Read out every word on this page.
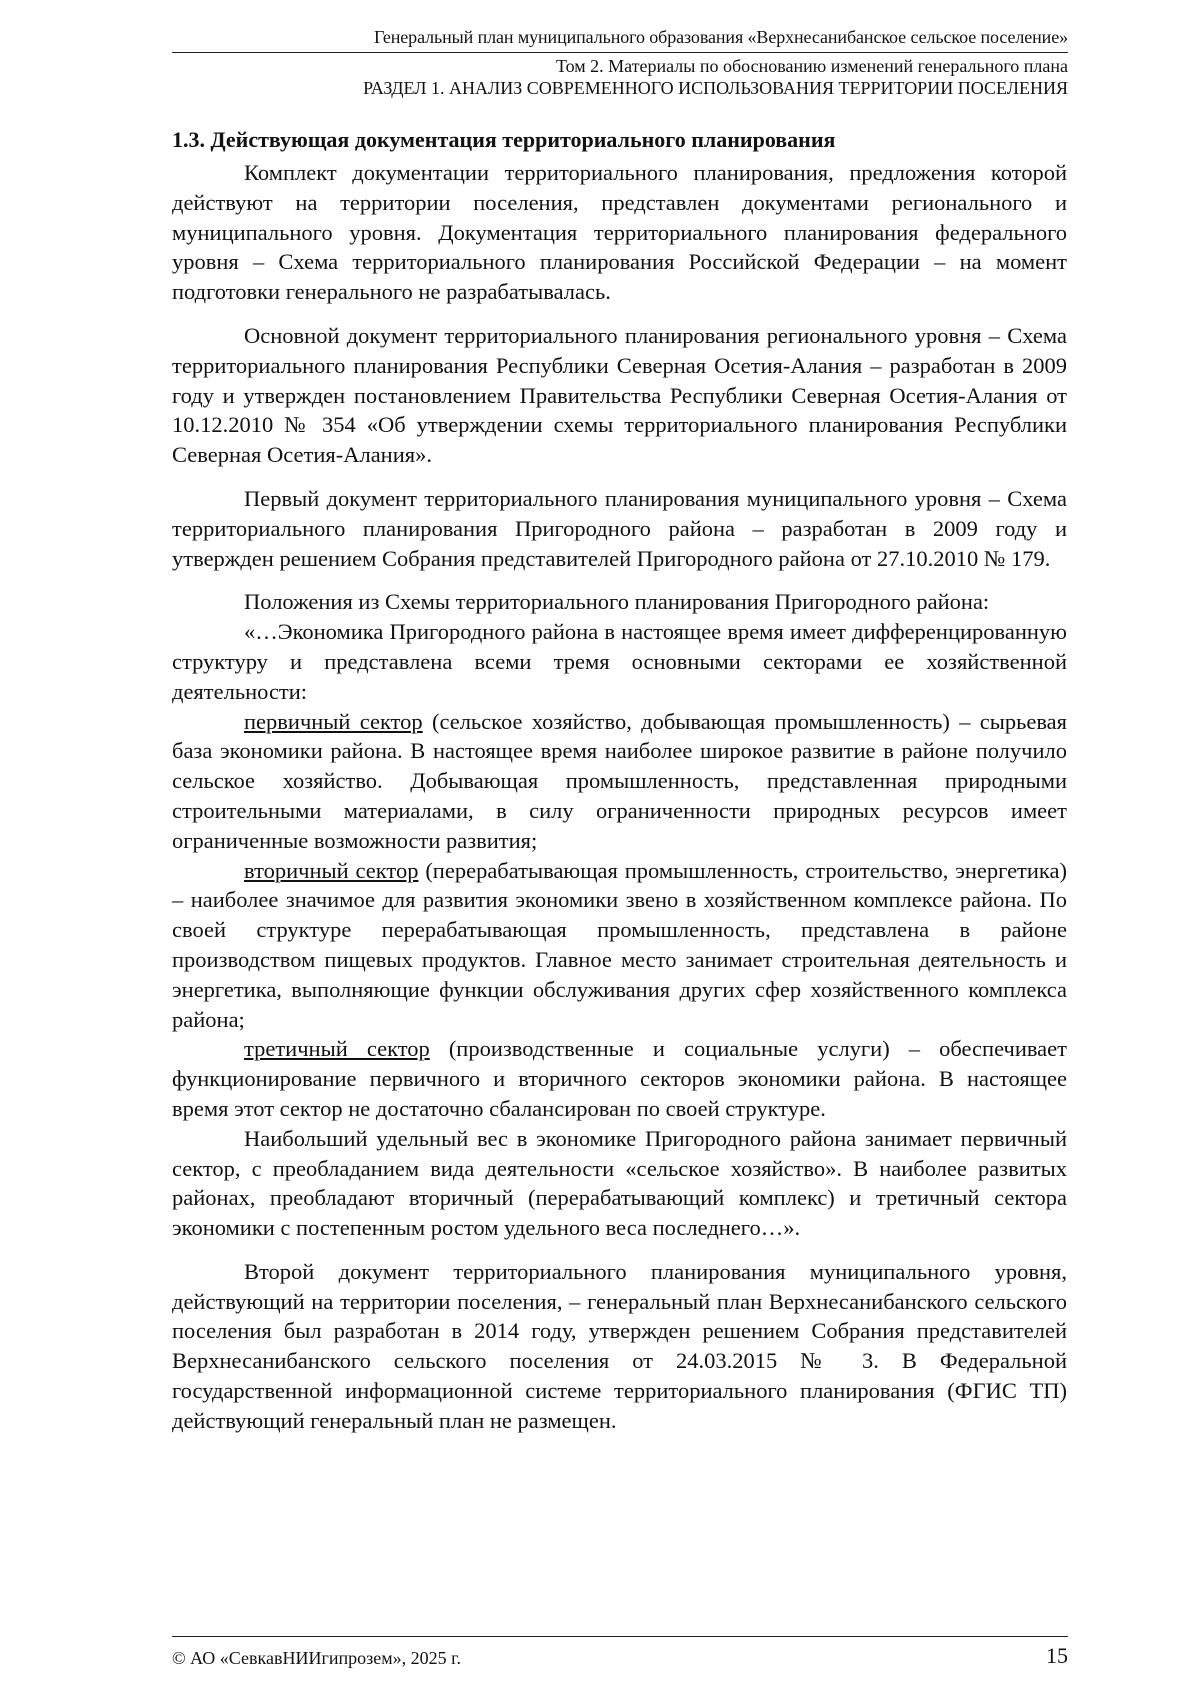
Генеральный план муниципального образования «Верхнесанибанское сельское поселение»
Том 2. Материалы по обоснованию изменений генерального плана
РАЗДЕЛ 1. АНАЛИЗ СОВРЕМЕННОГО ИСПОЛЬЗОВАНИЯ ТЕРРИТОРИИ ПОСЕЛЕНИЯ
1.3. Действующая документация территориального планирования

Комплект документации территориального планирования, предложения которой действуют на территории поселения, представлен документами регионального и муниципального уровня. Документация территориального планирования федерального уровня – Схема территориального планирования Российской Федерации – на момент подготовки генерального не разрабатывалась.

Основной документ территориального планирования регионального уровня – Схема территориального планирования Республики Северная Осетия-Алания – разработан в 2009 году и утвержден постановлением Правительства Республики Северная Осетия-Алания от 10.12.2010 № 354 «Об утверждении схемы территориального планирования Республики Северная Осетия-Алания».

Первый документ территориального планирования муниципального уровня – Схема территориального планирования Пригородного района – разработан в 2009 году и утвержден решением Собрания представителей Пригородного района от 27.10.2010 № 179.

Положения из Схемы территориального планирования Пригородного района:

«…Экономика Пригородного района в настоящее время имеет дифференцированную структуру и представлена всеми тремя основными секторами ее хозяйственной деятельности:

первичный сектор (сельское хозяйство, добывающая промышленность) – сырьевая база экономики района. В настоящее время наиболее широкое развитие в районе получило сельское хозяйство. Добывающая промышленность, представленная природными строительными материалами, в силу ограниченности природных ресурсов имеет ограниченные возможности развития;

вторичный сектор (перерабатывающая промышленность, строительство, энергетика) – наиболее значимое для развития экономики звено в хозяйственном комплексе района. По своей структуре перерабатывающая промышленность, представлена в районе производством пищевых продуктов. Главное место занимает строительная деятельность и энергетика, выполняющие функции обслуживания других сфер хозяйственного комплекса района;

третичный сектор (производственные и социальные услуги) – обеспечивает функционирование первичного и вторичного секторов экономики района. В настоящее время этот сектор не достаточно сбалансирован по своей структуре.

Наибольший удельный вес в экономике Пригородного района занимает первичный сектор, с преобладанием вида деятельности «сельское хозяйство». В наиболее развитых районах, преобладают вторичный (перерабатывающий комплекс) и третичный сектора экономики с постепенным ростом удельного веса последнего…».

Второй документ территориального планирования муниципального уровня, действующий на территории поселения, – генеральный план Верхнесанибанского сельского поселения был разработан в 2014 году, утвержден решением Собрания представителей Верхнесанибанского сельского поселения от 24.03.2015 № 3. В Федеральной государственной информационной системе территориального планирования (ФГИС ТП) действующий генеральный план не размещен.

© АО «СевкавНИИгипрозем», 2025 г.	15
